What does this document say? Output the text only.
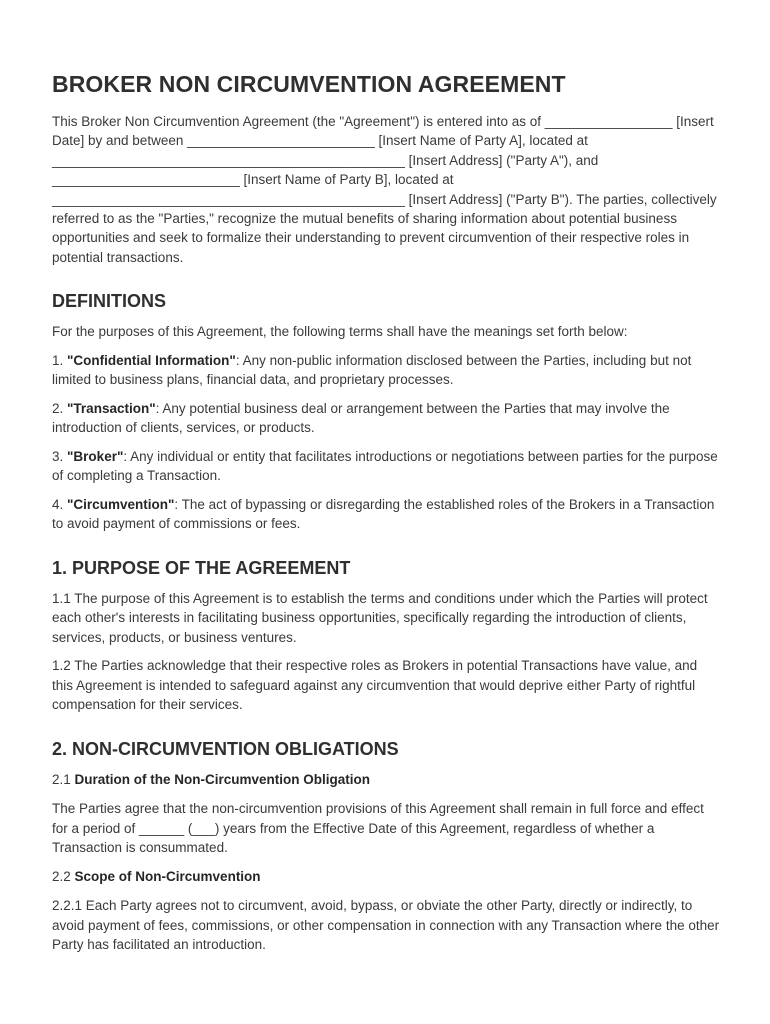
BROKER NON CIRCUMVENTION AGREEMENT

This Broker Non Circumvention Agreement (the "Agreement") is entered into as of _________________ [Insert Date] by and between _________________________ [Insert Name of Party A], located at _______________________________________________ [Insert Address] ("Party A"), and _________________________ [Insert Name of Party B], located at _______________________________________________ [Insert Address] ("Party B"). The parties, collectively referred to as the "Parties," recognize the mutual benefits of sharing information about potential business opportunities and seek to formalize their understanding to prevent circumvention of their respective roles in potential transactions.

DEFINITIONS

For the purposes of this Agreement, the following terms shall have the meanings set forth below:

1. "Confidential Information": Any non-public information disclosed between the Parties, including but not limited to business plans, financial data, and proprietary processes.

2. "Transaction": Any potential business deal or arrangement between the Parties that may involve the introduction of clients, services, or products.

3. "Broker": Any individual or entity that facilitates introductions or negotiations between parties for the purpose of completing a Transaction.

4. "Circumvention": The act of bypassing or disregarding the established roles of the Brokers in a Transaction to avoid payment of commissions or fees.

1. PURPOSE OF THE AGREEMENT

1.1 The purpose of this Agreement is to establish the terms and conditions under which the Parties will protect each other's interests in facilitating business opportunities, specifically regarding the introduction of clients, services, products, or business ventures.

1.2 The Parties acknowledge that their respective roles as Brokers in potential Transactions have value, and this Agreement is intended to safeguard against any circumvention that would deprive either Party of rightful compensation for their services.

2. NON-CIRCUMVENTION OBLIGATIONS

2.1 Duration of the Non-Circumvention Obligation

The Parties agree that the non-circumvention provisions of this Agreement shall remain in full force and effect for a period of ______ (___) years from the Effective Date of this Agreement, regardless of whether a Transaction is consummated.

2.2 Scope of Non-Circumvention

2.2.1 Each Party agrees not to circumvent, avoid, bypass, or obviate the other Party, directly or indirectly, to avoid payment of fees, commissions, or other compensation in connection with any Transaction where the other Party has facilitated an introduction.
